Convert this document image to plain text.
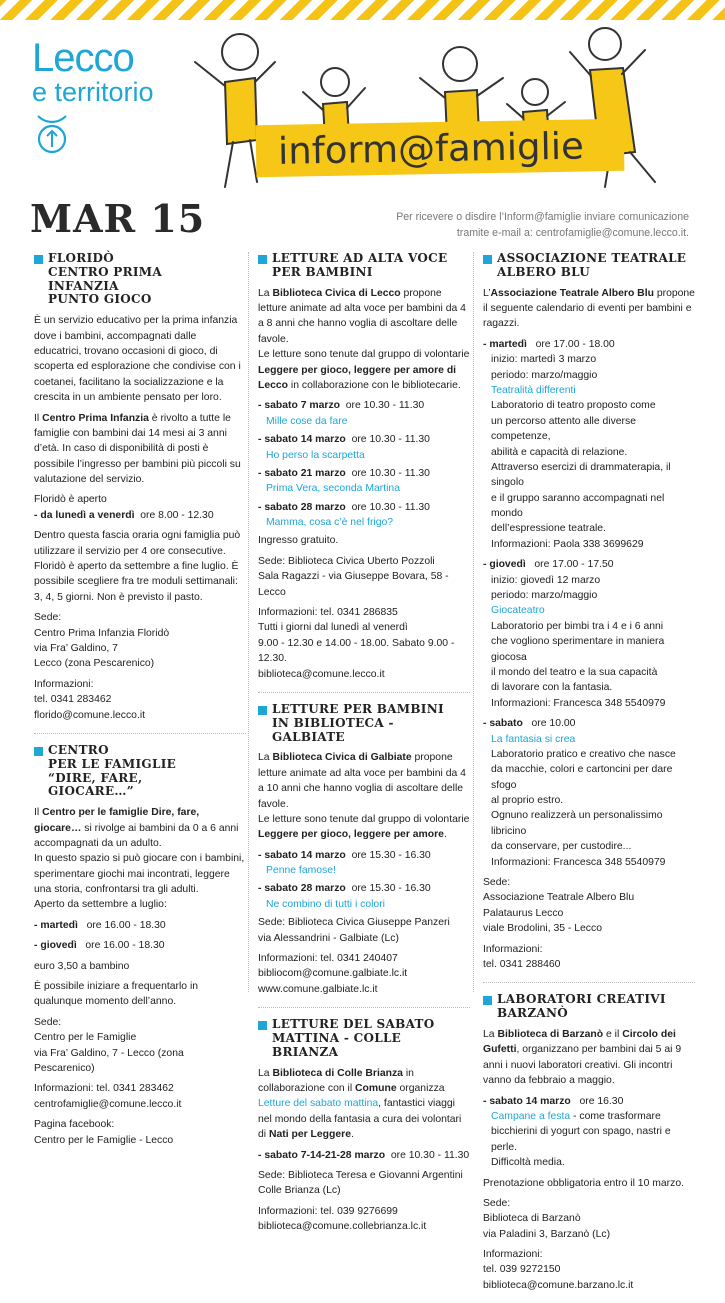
Lecco
e territorio
inform@famiglie
MAR 15	Per ricevere o disdire l’Inform@famiglie inviare comunicazione
tramite e-mail a: centrofamiglie@comune.lecco.it.
FLORIDÒ
CENTRO PRIMA
INFANZIA
PUNTO GIOCO
È un servizio educativo per la prima infanzia dove i bambini, accompagnati dalle educatrici, trovano occasioni di gioco, di scoperta ed esplorazione che condivise con i coetanei, facilitano la socializzazione e la crescita in un ambiente pensato per loro.
Il Centro Prima Infanzia è rivolto a tutte le famiglie con bambini dai 14 mesi ai 3 anni d’età. In caso di disponibilità di posti è possibile l’ingresso per bambini più piccoli su valutazione del servizio.
Floridò è aperto
- da lunedì a venerdì ore 8.00 - 12.30
Dentro questa fascia oraria ogni famiglia può utilizzare il servizio per 4 ore consecutive. Floridò è aperto da settembre a fine luglio. È possibile scegliere fra tre moduli settimanali: 3, 4, 5 giorni. Non è previsto il pasto.
Sede:
Centro Prima Infanzia Floridò
via Fra’ Galdino, 7
Lecco (zona Pescarenico)
Informazioni:
tel. 0341 283462
florido@comune.lecco.it
CENTRO
PER LE FAMIGLIE
“DIRE, FARE,
GIOCARE…”
Il Centro per le famiglie Dire, fare, giocare… si rivolge ai bambini da 0 a 6 anni accompagnati da un adulto.
In questo spazio si può giocare con i bambini, sperimentare giochi mai incontrati, leggere una storia, confrontarsi tra gli adulti.
Aperto da settembre a luglio:
- martedì ore 16.00 - 18.30
- giovedì ore 16.00 - 18.30
euro 3,50 a bambino
È possibile iniziare a frequentarlo in qualunque momento dell’anno.
Sede:
Centro per le Famiglie
via Fra’ Galdino, 7 - Lecco (zona Pescarenico)
Informazioni: tel. 0341 283462
centrofamiglie@comune.lecco.it
Pagina facebook:
Centro per le Famiglie - Lecco
LETTURE AD ALTA VOCE
PER BAMBINI
La Biblioteca Civica di Lecco propone letture animate ad alta voce per bambini da 4 a 8 anni che hanno voglia di ascoltare delle favole.
Le letture sono tenute dal gruppo di volontarie Leggere per gioco, leggere per amore di Lecco in collaborazione con le bibliotecarie.
- sabato 7 marzo ore 10.30 - 11.30
Mille cose da fare
- sabato 14 marzo ore 10.30 - 11.30
Ho perso la scarpetta
- sabato 21 marzo ore 10.30 - 11.30
Prima Vera, seconda Martina
- sabato 28 marzo ore 10.30 - 11.30
Mamma, cosa c’è nel frigo?
Ingresso gratuito.
Sede: Biblioteca Civica Uberto Pozzoli
Sala Ragazzi - via Giuseppe Bovara, 58 - Lecco
Informazioni: tel. 0341 286835
Tutti i giorni dal lunedì al venerdì
9.00 - 12.30 e 14.00 - 18.00. Sabato 9.00 - 12.30.
biblioteca@comune.lecco.it
LETTURE PER BAMBINI
IN BIBLIOTECA - GALBIATE
La Biblioteca Civica di Galbiate propone letture animate ad alta voce per bambini da 4 a 10 anni che hanno voglia di ascoltare delle favole.
Le letture sono tenute dal gruppo di volontarie Leggere per gioco, leggere per amore.
- sabato 14 marzo ore 15.30 - 16.30
Penne famose!
- sabato 28 marzo ore 15.30 - 16.30
Ne combino di tutti i colori
Sede: Biblioteca Civica Giuseppe Panzeri
via Alessandrini - Galbiate (Lc)
Informazioni: tel. 0341 240407
bibliocom@comune.galbiate.lc.it
www.comune.galbiate.lc.it
LETTURE DEL SABATO
MATTINA - COLLE BRIANZA
La Biblioteca di Colle Brianza in collaborazione con il Comune organizza Letture del sabato mattina, fantastici viaggi nel mondo della fantasia a cura dei volontari di Nati per Leggere.
- sabato 7-14-21-28 marzo ore 10.30 - 11.30
Sede: Biblioteca Teresa e Giovanni Argentini
Colle Brianza (Lc)
Informazioni: tel. 039 9276699
biblioteca@comune.collebrianza.lc.it
ASSOCIAZIONE TEATRALE
ALBERO BLU
L’Associazione Teatrale Albero Blu propone il seguente calendario di eventi per bambini e ragazzi.
- martedì ore 17.00 - 18.00
inizio: martedì 3 marzo
periodo: marzo/maggio
Teatralità differenti
Laboratorio di teatro proposto come
un percorso attento alle diverse competenze,
abilità e capacità di relazione.
Attraverso esercizi di drammaterapia, il singolo
e il gruppo saranno accompagnati nel mondo
dell’espressione teatrale.
Informazioni: Paola 338 3699629
- giovedì ore 17.00 - 17.50
inizio: giovedì 12 marzo
periodo: marzo/maggio
Giocateatro
Laboratorio per bimbi tra i 4 e i 6 anni
che vogliono sperimentare in maniera giocosa
il mondo del teatro e la sua capacità
di lavorare con la fantasia.
Informazioni: Francesca 348 5540979
- sabato ore 10.00
La fantasia si crea
Laboratorio pratico e creativo che nasce
da macchie, colori e cartoncini per dare sfogo
al proprio estro.
Ognuno realizzerà un personalissimo libricino
da conservare, per custodire...
Informazioni: Francesca 348 5540979
Sede:
Associazione Teatrale Albero Blu
Palataurus Lecco
viale Brodolini, 35 - Lecco
Informazioni:
tel. 0341 288460
LABORATORI CREATIVI
BARZANÒ
La Biblioteca di Barzanò e il Circolo dei Gufetti, organizzano per bambini dai 5 ai 9 anni i nuovi laboratori creativi. Gli incontri vanno da febbraio a maggio.
- sabato 14 marzo ore 16.30
Campane a festa - come trasformare
bicchierini di yogurt con spago, nastri e perle.
Difficoltà media.
Prenotazione obbligatoria entro il 10 marzo.
Sede:
Biblioteca di Barzanò
via Paladini 3, Barzanò (Lc)
Informazioni:
tel. 039 9272150
biblioteca@comune.barzano.lc.it
